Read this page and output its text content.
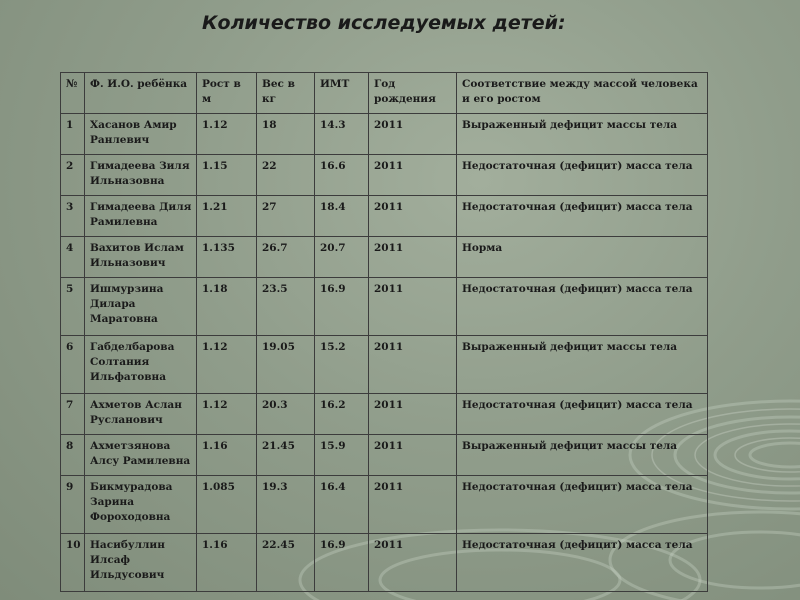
Количество исследуемых детей:
№	Ф. И.О. ребёнка	Рост в м	Вес в кг	ИМТ	Год рождения	Соответствие между массой человека и его ростом
1	Хасанов Амир Ранлевич	1.12	18	14.3	2011	Выраженный дефицит массы тела
2	Гимадеева Зиля Ильназовна	1.15	22	16.6	2011	Недостаточная (дефицит) масса тела
3	Гимадеева Диля Рамилевна	1.21	27	18.4	2011	Недостаточная (дефицит) масса тела
4	Вахитов Ислам Ильназович	1.135	26.7	20.7	2011	Норма
5	Ишмурзина Дилара Маратовна	1.18	23.5	16.9	2011	Недостаточная (дефицит) масса тела
6	Габделбарова Солтания Ильфатовна	1.12	19.05	15.2	2011	Выраженный дефицит массы тела
7	Ахметов Аслан Русланович	1.12	20.3	16.2	2011	Недостаточная (дефицит) масса тела
8	Ахметзянова Алсу Рамилевна	1.16	21.45	15.9	2011	Выраженный дефицит массы тела
9	Бикмурадова Зарина Фороходовна	1.085	19.3	16.4	2011	Недостаточная (дефицит) масса тела
10	Насибуллин Илсаф Ильдусович	1.16	22.45	16.9	2011	Недостаточная (дефицит) масса тела
